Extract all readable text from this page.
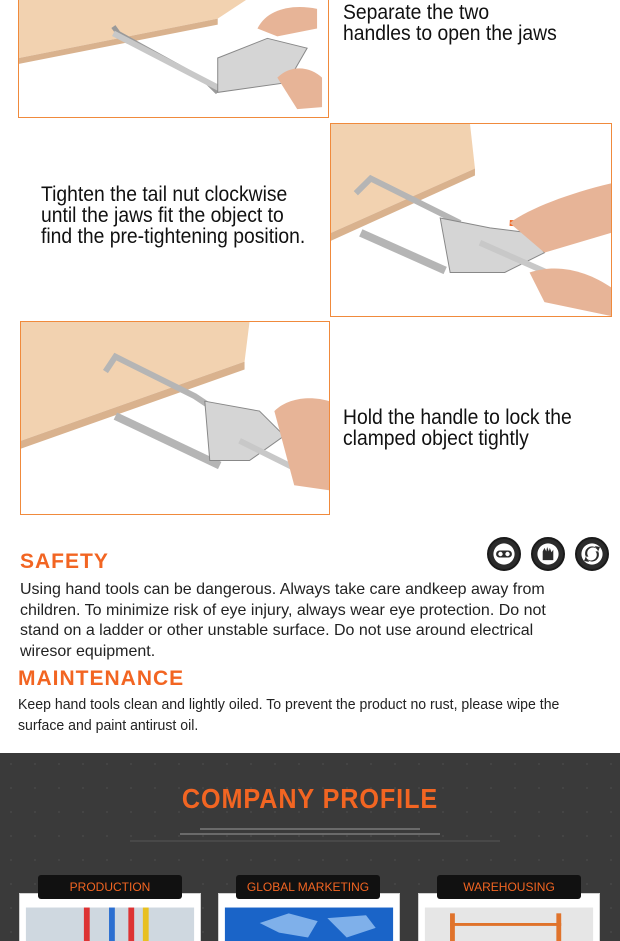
Separate the two
handles to open the jaws
Tighten the tail nut clockwise
until the jaws fit the object to
find the pre-tightening position.
Hold the handle to lock the
clamped object tightly
SAFETY
Using hand tools can be dangerous. Always take care andkeep away from
children. To minimize risk of eye injury, always wear eye protection. Do not
stand on a ladder or other unstable surface. Do not use around electrical
wiresor equipment.
MAINTENANCE
Keep hand tools clean and lightly oiled. To prevent the product no rust, please wipe the
surface and paint antirust oil.
COMPANY PROFILE
PRODUCTION	GLOBAL MARKETING	WAREHOUSING
